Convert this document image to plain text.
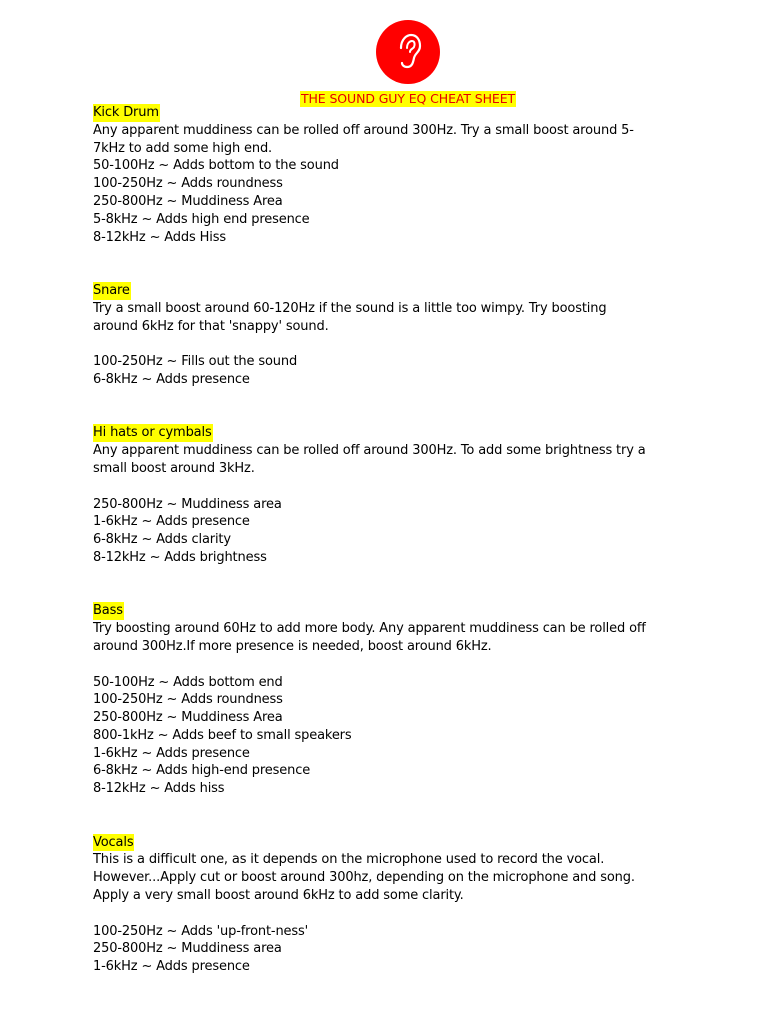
THE SOUND GUY EQ CHEAT SHEET
Kick Drum
Any apparent muddiness can be rolled off around 300Hz. Try a small boost around 5-
7kHz to add some high end.
50-100Hz ~ Adds bottom to the sound
100-250Hz ~ Adds roundness
250-800Hz ~ Muddiness Area
5-8kHz ~ Adds high end presence
8-12kHz ~ Adds Hiss
Snare
Try a small boost around 60-120Hz if the sound is a little too wimpy. Try boosting
around 6kHz for that 'snappy' sound.
100-250Hz ~ Fills out the sound
6-8kHz ~ Adds presence
Hi hats or cymbals
Any apparent muddiness can be rolled off around 300Hz. To add some brightness try a
small boost around 3kHz.
250-800Hz ~ Muddiness area
1-6kHz ~ Adds presence
6-8kHz ~ Adds clarity
8-12kHz ~ Adds brightness
Bass
Try boosting around 60Hz to add more body. Any apparent muddiness can be rolled off
around 300Hz.If more presence is needed, boost around 6kHz.
50-100Hz ~ Adds bottom end
100-250Hz ~ Adds roundness
250-800Hz ~ Muddiness Area
800-1kHz ~ Adds beef to small speakers
1-6kHz ~ Adds presence
6-8kHz ~ Adds high-end presence
8-12kHz ~ Adds hiss
Vocals
This is a difficult one, as it depends on the microphone used to record the vocal.
However...Apply cut or boost around 300hz, depending on the microphone and song.
Apply a very small boost around 6kHz to add some clarity.
100-250Hz ~ Adds 'up-front-ness'
250-800Hz ~ Muddiness area
1-6kHz ~ Adds presence
